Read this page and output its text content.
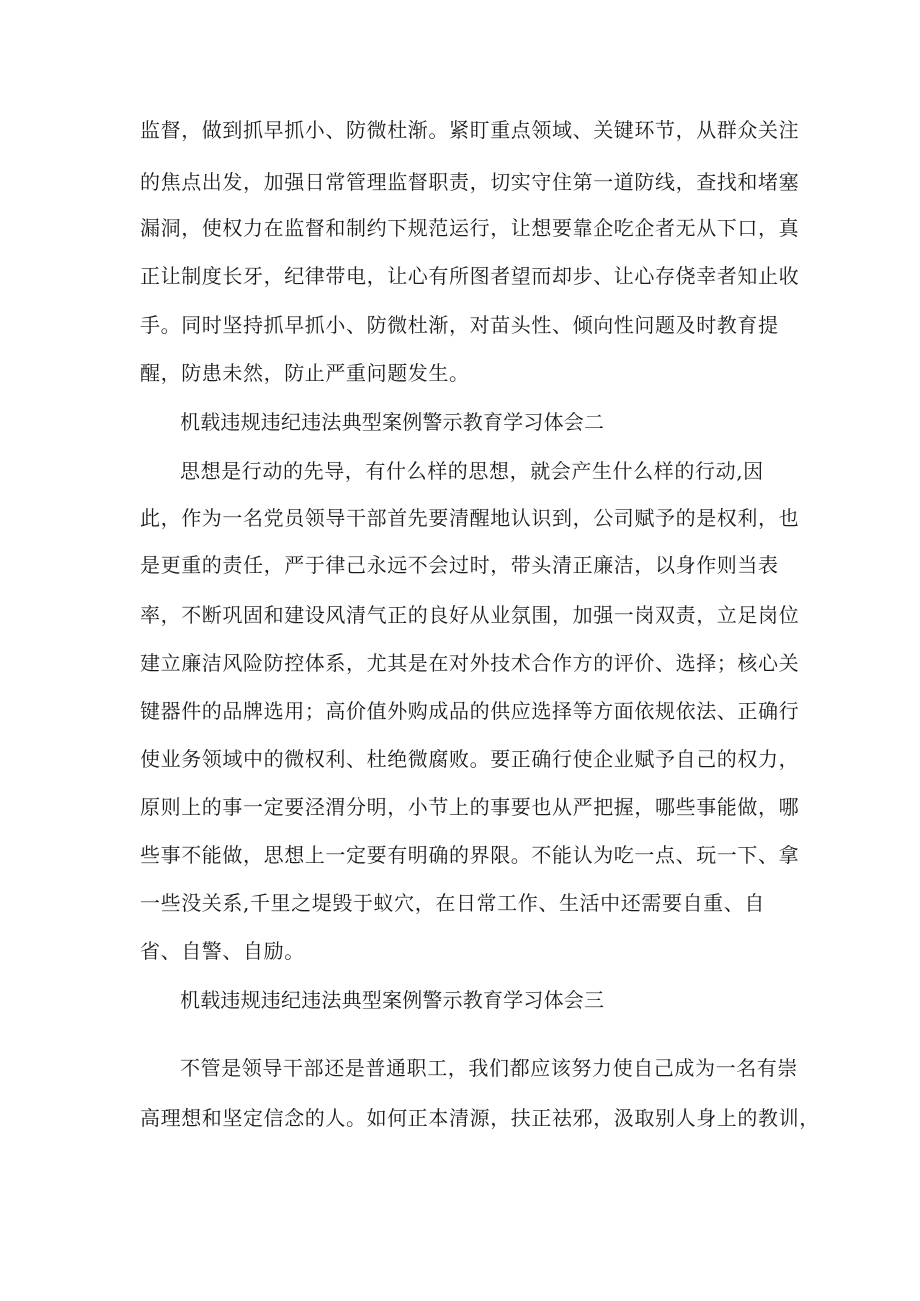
监督，做到抓早抓小、防微杜渐。紧盯重点领域、关键环节，从群众关注
的焦点出发，加强日常管理监督职责，切实守住第一道防线，查找和堵塞
漏洞，使权力在监督和制约下规范运行，让想要靠企吃企者无从下口，真
正让制度长牙，纪律带电，让心有所图者望而却步、让心存侥幸者知止收
手。同时坚持抓早抓小、防微杜渐，对苗头性、倾向性问题及时教育提
醒，防患未然，防止严重问题发生。
机载违规违纪违法典型案例警示教育学习体会二
思想是行动的先导，有什么样的思想，就会产生什么样的行动,因
此，作为一名党员领导干部首先要清醒地认识到，公司赋予的是权利，也
是更重的责任，严于律己永远不会过时，带头清正廉洁，以身作则当表
率，不断巩固和建设风清气正的良好从业氛围，加强一岗双责，立足岗位
建立廉洁风险防控体系，尤其是在对外技术合作方的评价、选择；核心关
键器件的品牌选用；高价值外购成品的供应选择等方面依规依法、正确行
使业务领域中的微权利、杜绝微腐败。要正确行使企业赋予自己的权力，
原则上的事一定要泾渭分明，小节上的事要也从严把握，哪些事能做，哪
些事不能做，思想上一定要有明确的界限。不能认为吃一点、玩一下、拿
一些没关系,千里之堤毁于蚁穴，在日常工作、生活中还需要自重、自
省、自警、自励。
机载违规违纪违法典型案例警示教育学习体会三
不管是领导干部还是普通职工，我们都应该努力使自己成为一名有崇
高理想和坚定信念的人。如何正本清源，扶正祛邪，汲取别人身上的教训，
